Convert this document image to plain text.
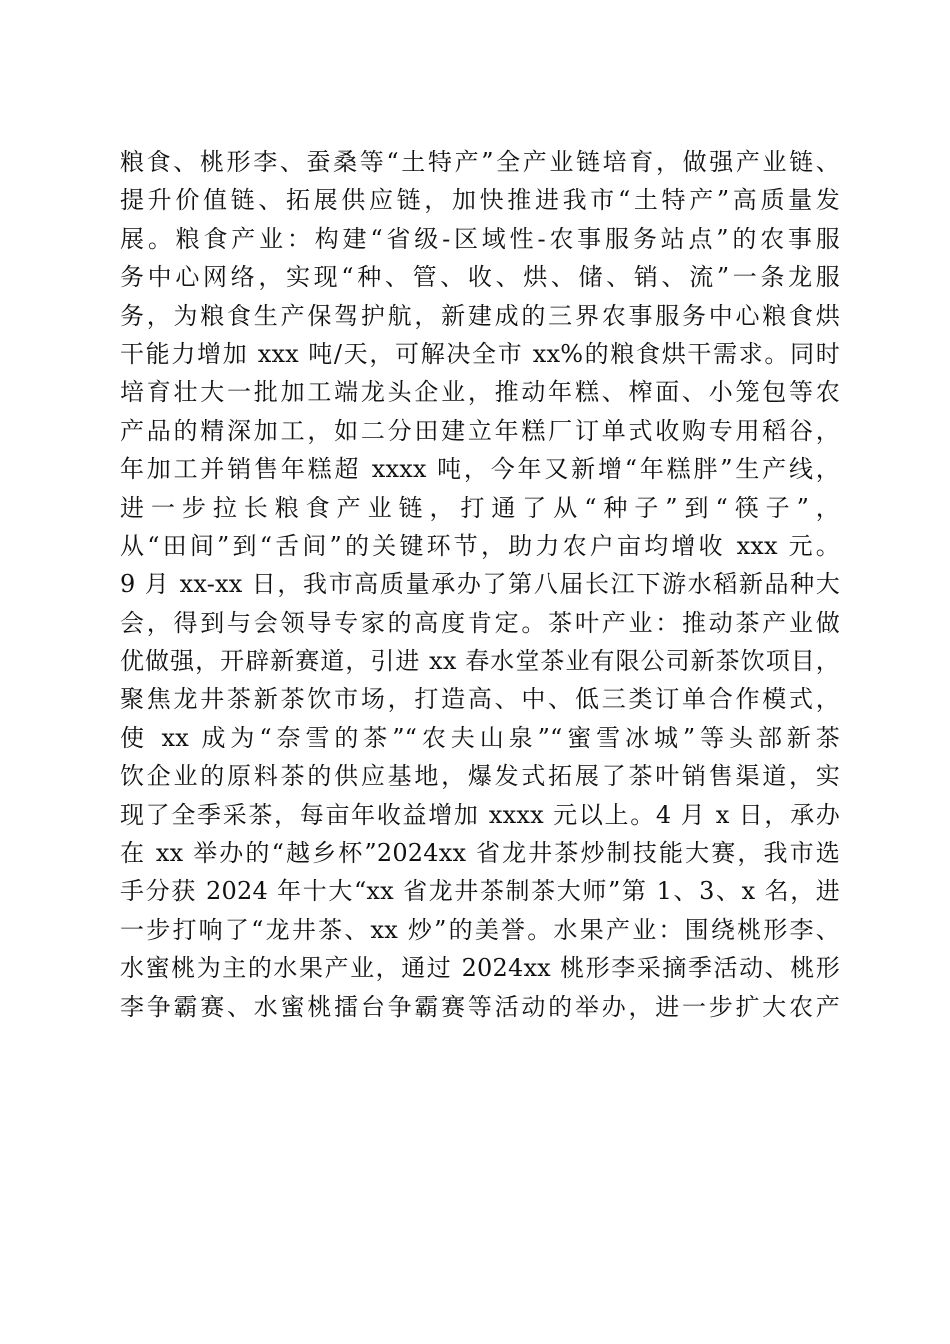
粮食、桃形李、蚕桑等“土特产”全产业链培育，做强产业链、
提升价值链、拓展供应链，加快推进我市“土特产”高质量发
展。粮食产业：构建“省级-区域性-农事服务站点”的农事服
务中心网络，实现“种、管、收、烘、储、销、流”一条龙服
务，为粮食生产保驾护航，新建成的三界农事服务中心粮食烘
干能力增加 xxx 吨/天，可解决全市 xx%的粮食烘干需求。同时
培育壮大一批加工端龙头企业，推动年糕、榨面、小笼包等农
产品的精深加工，如二分田建立年糕厂订单式收购专用稻谷，
年加工并销售年糕超 xxxx 吨，今年又新增“年糕胖”生产线，
进一步拉长粮食产业链，打通了从“种子”到“筷子”，
从“田间”到“舌间”的关键环节，助力农户亩均增收 xxx 元。
9 月 xx-xx 日，我市高质量承办了第八届长江下游水稻新品种大
会，得到与会领导专家的高度肯定。茶叶产业：推动茶产业做
优做强，开辟新赛道，引进 xx 春水堂茶业有限公司新茶饮项目，
聚焦龙井茶新茶饮市场，打造高、中、低三类订单合作模式，
使 xx 成为“奈雪的茶”“农夫山泉”“蜜雪冰城”等头部新茶
饮企业的原料茶的供应基地，爆发式拓展了茶叶销售渠道，实
现了全季采茶，每亩年收益增加 xxxx 元以上。4 月 x 日，承办
在 xx 举办的“越乡杯”2024xx 省龙井茶炒制技能大赛，我市选
手分获 2024 年十大“xx 省龙井茶制茶大师”第 1、3、x 名，进
一步打响了“龙井茶、xx 炒”的美誉。水果产业：围绕桃形李、
水蜜桃为主的水果产业，通过 2024xx 桃形李采摘季活动、桃形
李争霸赛、水蜜桃擂台争霸赛等活动的举办，进一步扩大农产
